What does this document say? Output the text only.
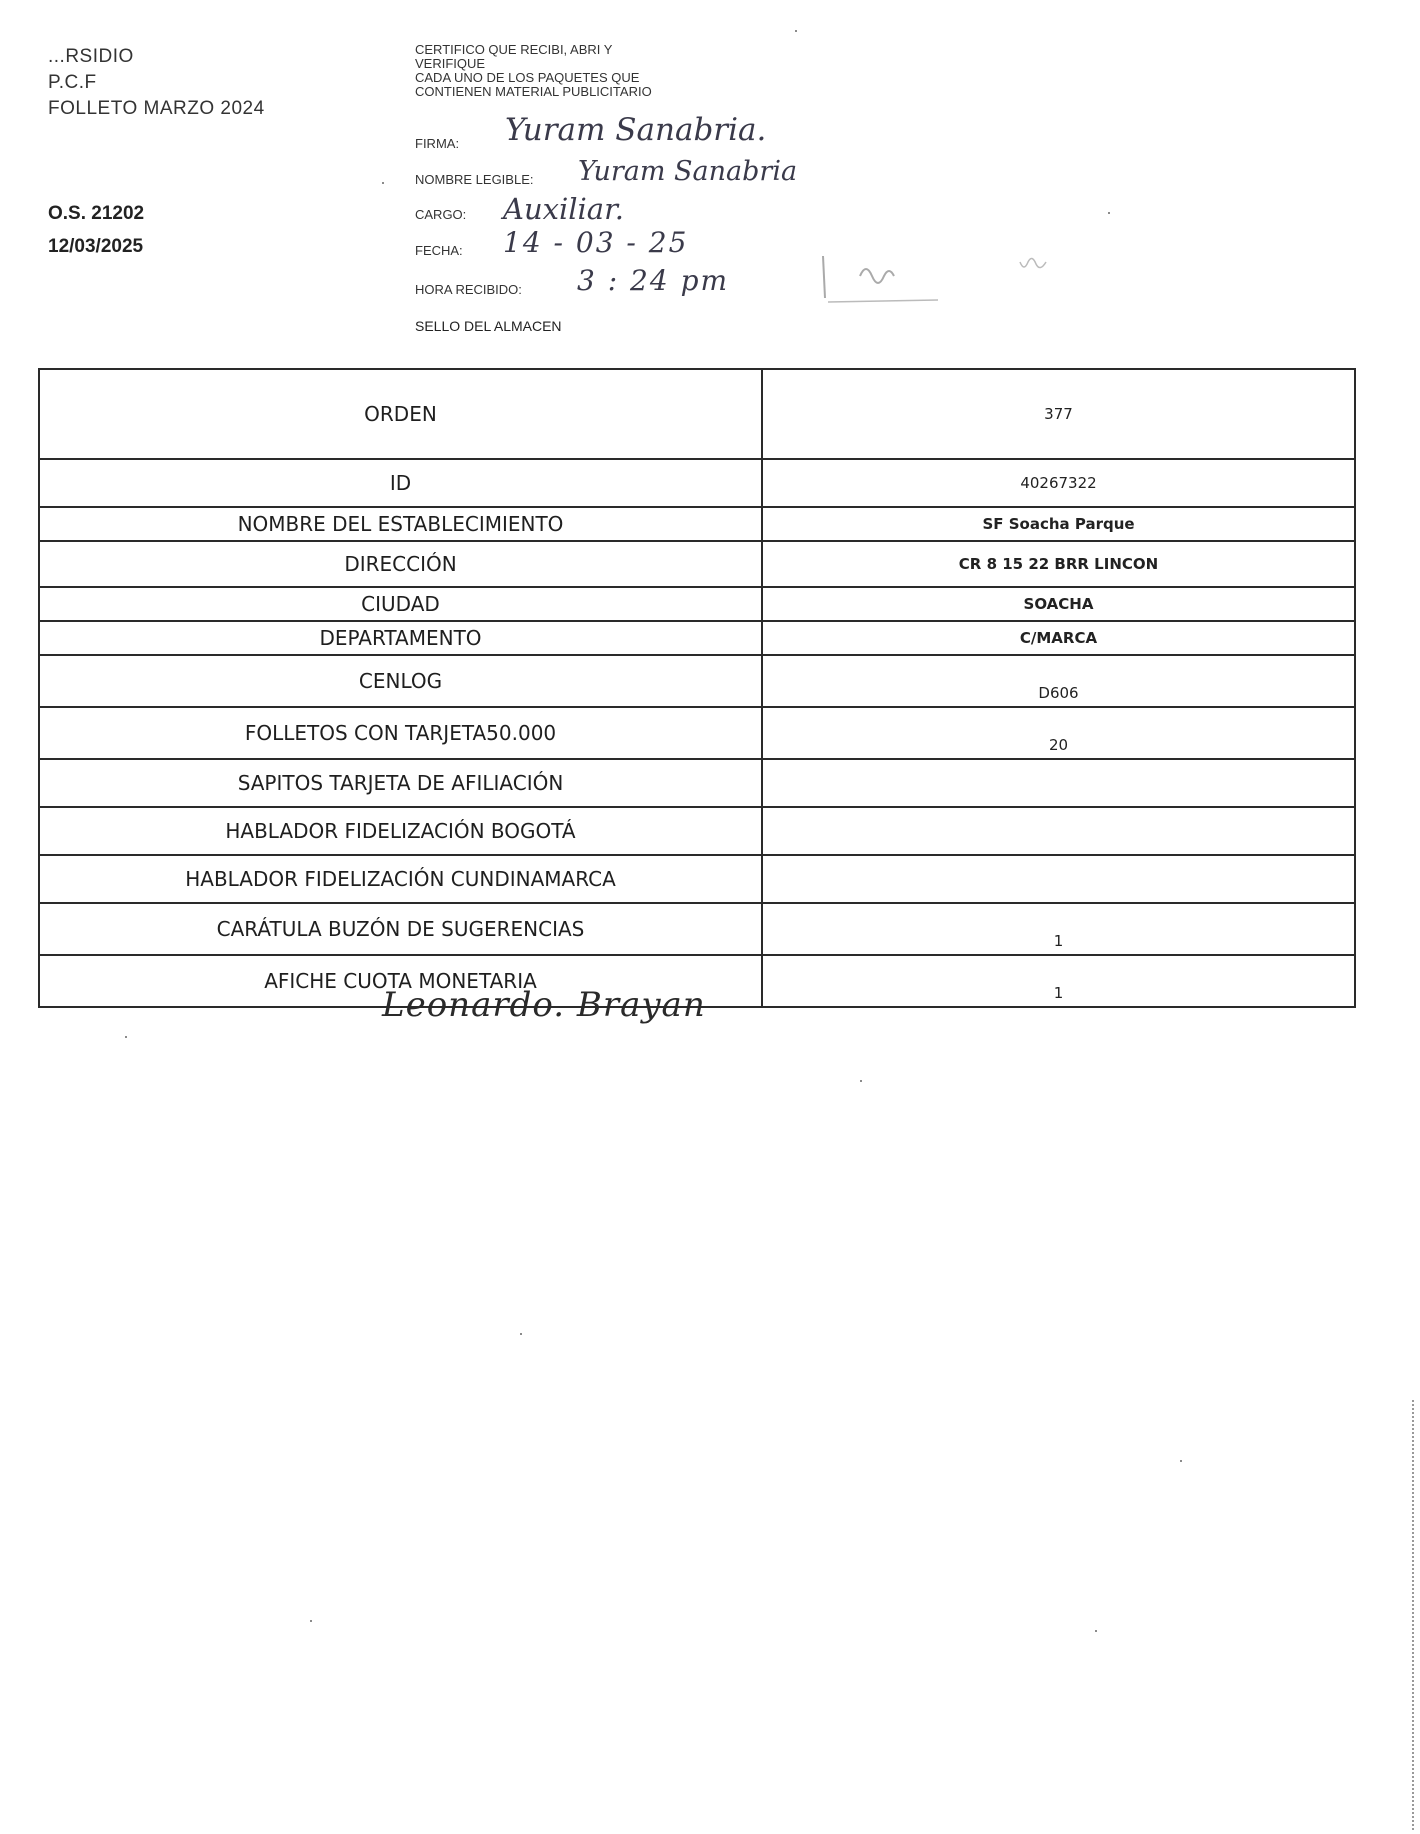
...RSIDIO
P.C.F
FOLLETO MARZO 2024
O.S. 21202
12/03/2025
CERTIFICO QUE RECIBI, ABRI Y
VERIFIQUE
CADA UNO DE LOS PAQUETES QUE
CONTIENEN MATERIAL PUBLICITARIO
FIRMA: Yuram Sanabria.
NOMBRE LEGIBLE: Yuram Sanabria
CARGO: Auxiliar.
FECHA: 14 - 03 - 25
HORA RECIBIDO: 3 : 24 pm
SELLO DEL ALMACEN
ORDEN	377
ID	40267322
NOMBRE DEL ESTABLECIMIENTO	SF Soacha Parque
DIRECCIÓN	CR 8 15 22 BRR LINCON
CIUDAD	SOACHA
DEPARTAMENTO	C/MARCA
CENLOG	D606
FOLLETOS CON TARJETA50.000	20
SAPITOS TARJETA DE AFILIACIÓN	
HABLADOR FIDELIZACIÓN BOGOTÁ	
HABLADOR FIDELIZACIÓN CUNDINAMARCA	
CARÁTULA BUZÓN DE SUGERENCIAS	1
AFICHE CUOTA MONETARIA	1
Leonardo. Brayan
